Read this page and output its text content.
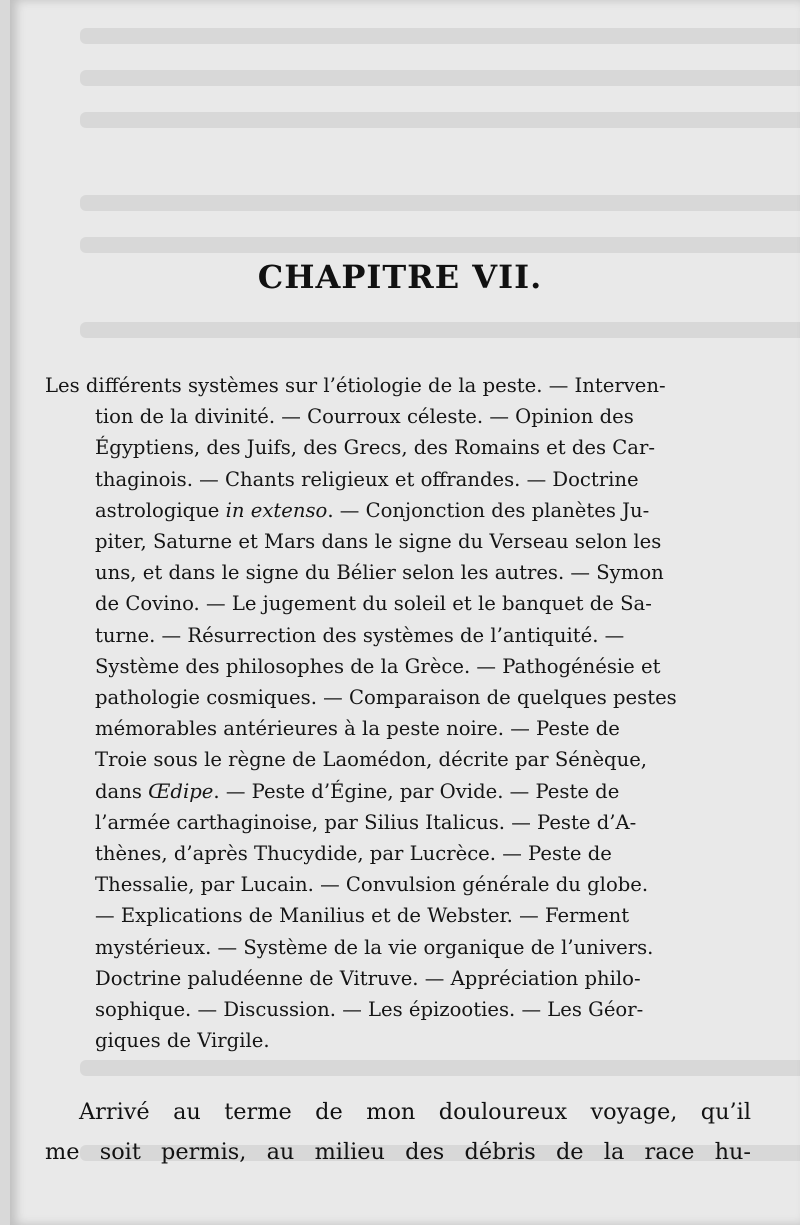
CHAPITRE VII.

Les différents systèmes sur l’étiologie de la peste. — Interven-
tion de la divinité. — Courroux céleste. — Opinion des
Égyptiens, des Juifs, des Grecs, des Romains et des Car-
thaginois. — Chants religieux et offrandes. — Doctrine
astrologique in extenso. — Conjonction des planètes Ju-
piter, Saturne et Mars dans le signe du Verseau selon les
uns, et dans le signe du Bélier selon les autres. — Symon
de Covino. — Le jugement du soleil et le banquet de Sa-
turne. — Résurrection des systèmes de l’antiquité. —
Système des philosophes de la Grèce. — Pathogénésie et
pathologie cosmiques. — Comparaison de quelques pestes
mémorables antérieures à la peste noire. — Peste de
Troie sous le règne de Laomédon, décrite par Sénèque,
dans Œdipe. — Peste d’Égine, par Ovide. — Peste de
l’armée carthaginoise, par Silius Italicus. — Peste d’A-
thènes, d’après Thucydide, par Lucrèce. — Peste de
Thessalie, par Lucain. — Convulsion générale du globe.
— Explications de Manilius et de Webster. — Ferment
mystérieux. — Système de la vie organique de l’univers.
Doctrine paludéenne de Vitruve. — Appréciation philo-
sophique. — Discussion. — Les épizooties. — Les Géor-
giques de Virgile.

Arrivé au terme de mon douloureux voyage, qu’il
me soit permis, au milieu des débris de la race hu-
